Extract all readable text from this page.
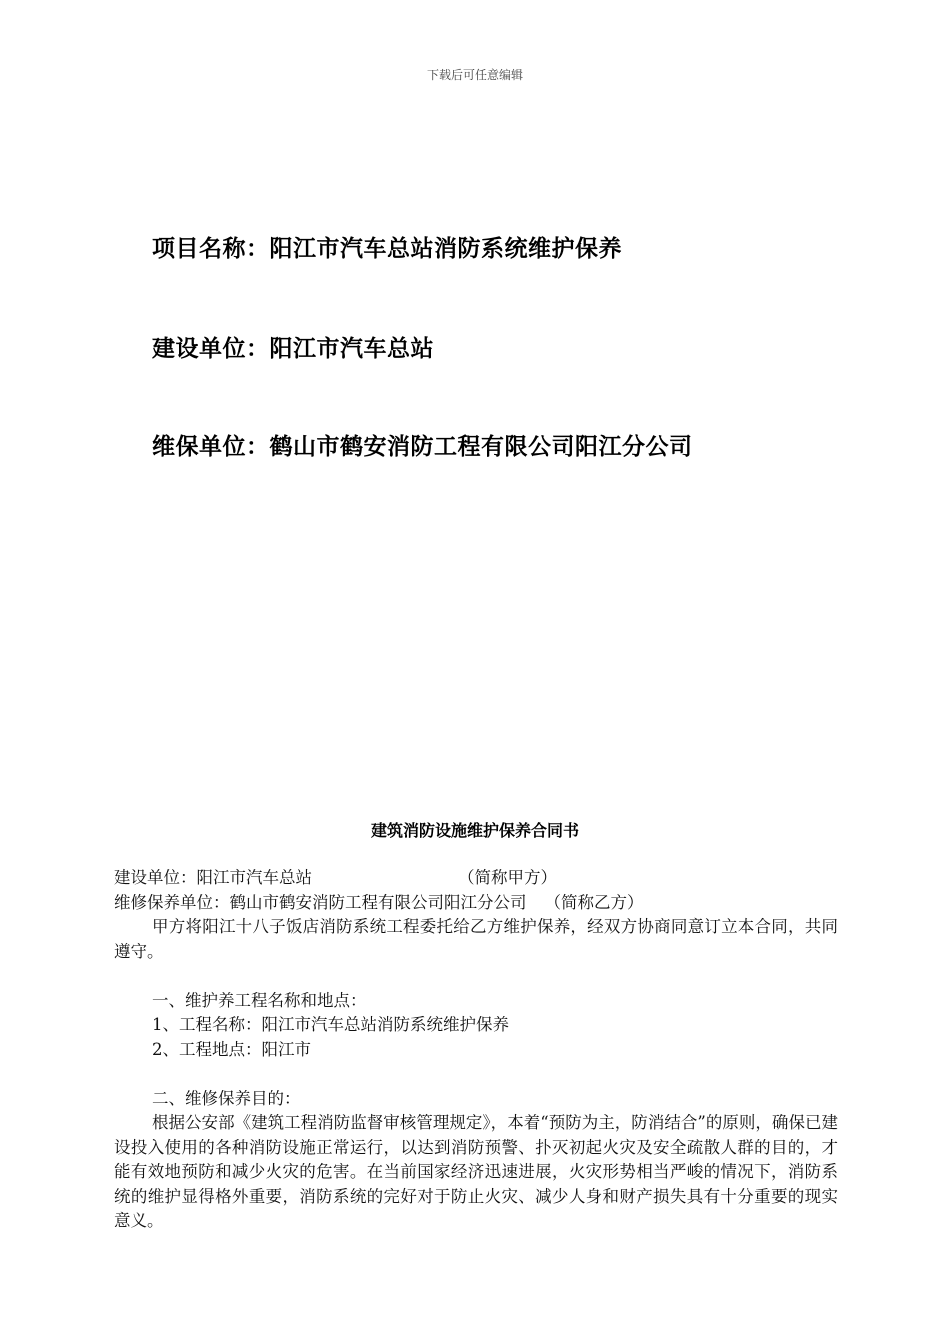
下载后可任意编辑
项目名称：阳江市汽车总站消防系统维护保养
建设单位：阳江市汽车总站
维保单位：鹤山市鹤安消防工程有限公司阳江分公司
建筑消防设施维护保养合同书
建设单位：阳江市汽车总站	（简称甲方）
维修保养单位：鹤山市鹤安消防工程有限公司阳江分公司 （简称乙方）

甲方将阳江十八子饭店消防系统工程委托给乙方维护保养，经双方协商同意订立本合同，共同遵守。

一、维护养工程名称和地点：
1、工程名称：阳江市汽车总站消防系统维护保养
2、工程地点：阳江市
二、维修保养目的：

根据公安部《建筑工程消防监督审核管理规定》，本着“预防为主，防消结合”的原则，确保已建设投入使用的各种消防设施正常运行，以达到消防预警、扑灭初起火灾及安全疏散人群的目的，才能有效地预防和减少火灾的危害。在当前国家经济迅速进展，火灾形势相当严峻的情况下，消防系统的维护显得格外重要，消防系统的完好对于防止火灾、减少人身和财产损失具有十分重要的现实意义。
